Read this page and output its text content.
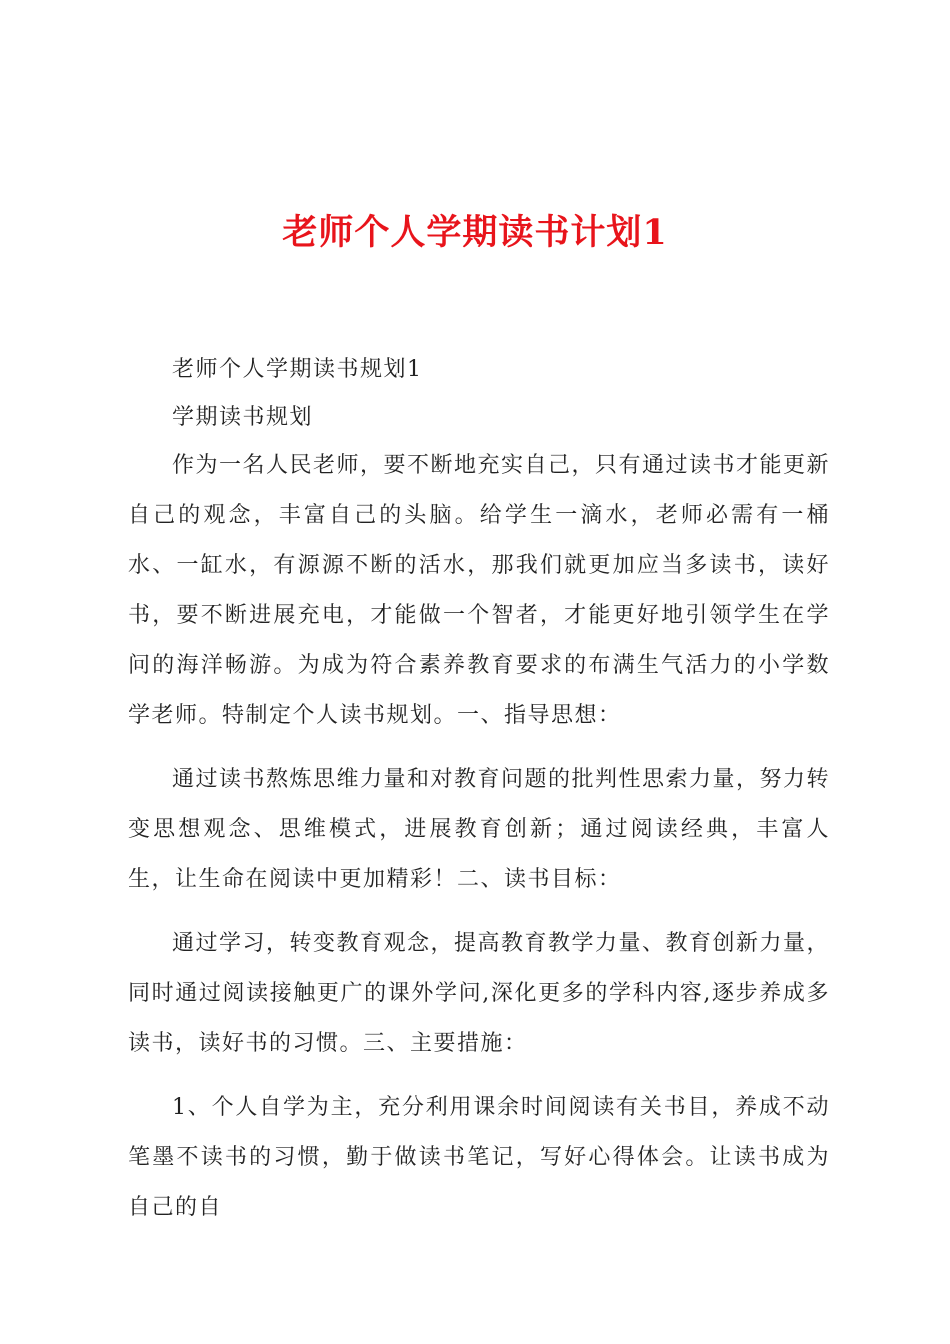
老师个人学期读书计划1

老师个人学期读书规划1

学期读书规划

作为一名人民老师，要不断地充实自己，只有通过读书才能更新自己的观念，丰富自己的头脑。给学生一滴水，老师必需有一桶水、一缸水，有源源不断的活水，那我们就更加应当多读书，读好书，要不断进展充电，才能做一个智者，才能更好地引领学生在学问的海洋畅游。为成为符合素养教育要求的布满生气活力的小学数学老师。特制定个人读书规划。一、指导思想：

通过读书熬炼思维力量和对教育问题的批判性思索力量，努力转变思想观念、思维模式，进展教育创新；通过阅读经典，丰富人生，让生命在阅读中更加精彩！二、读书目标：

通过学习，转变教育观念，提高教育教学力量、教育创新力量，同时通过阅读接触更广的课外学问,深化更多的学科内容,逐步养成多读书，读好书的习惯。三、主要措施：

1、个人自学为主，充分利用课余时间阅读有关书目，养成不动笔墨不读书的习惯，勤于做读书笔记，写好心得体会。让读书成为自己的自
